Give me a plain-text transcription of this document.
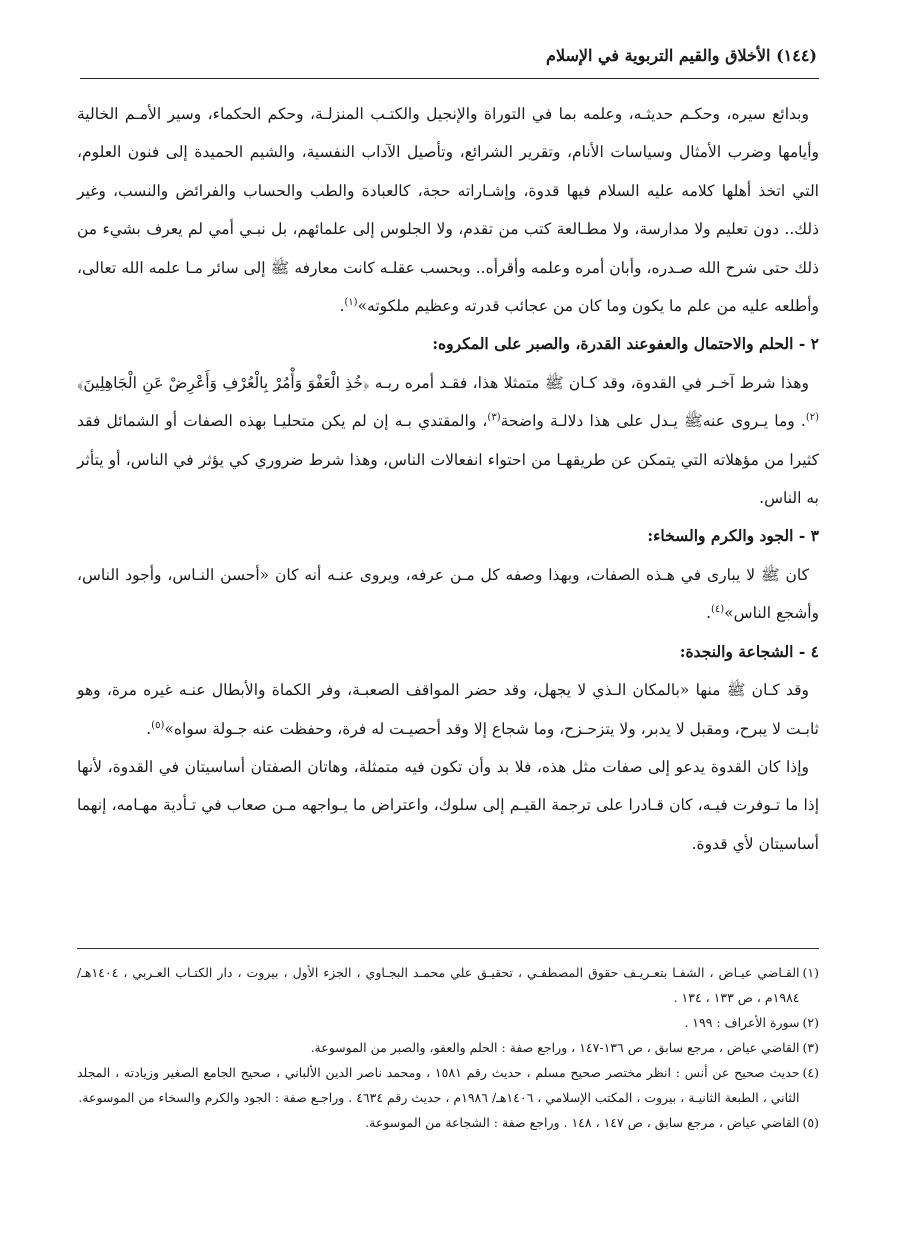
(١٤٤) الأخلاق والقيم التربوية في الإسلام

وبدائع سيره، وحكـم حديثـه، وعلمه بما في التوراة والإنجيل والكتـب المنزلـة، وحكم الحكماء، وسير الأمـم الخالية وأيامها وضرب الأمثال وسياسات الأنام، وتقرير الشرائع، وتأصيل الآداب النفسية، والشيم الحميدة إلى فنون العلوم، التي اتخذ أهلها كلامه عليه السلام فيها قدوة، وإشـاراته حجة، كالعبادة والطب والحساب والفرائض والنسب، وغير ذلك.. دون تعليم ولا مدارسة، ولا مطـالعة كتب من تقدم، ولا الجلوس إلى علمائهم، بل نبـي أمي لم يعرف بشيء من ذلك حتى شرح الله صـدره، وأبان أمره وعلمه وأقرأه.. وبحسب عقلـه كانت معارفه ﷺ إلى سائر مـا علمه الله تعالى، وأطلعه عليه من علم ما يكون وما كان من عجائب قدرته وعظيم ملكوته»$^{(١)}$.

٢ - الحلم والاحتمال والعفوعند القدرة، والصبر على المكروه:

وهذا شرط آخـر في القدوة، وقد كـان ﷺ متمثلا هذا، فقـد أمره ربـه ﴿خُذِ الْعَفْوَ وَأْمُرْ بِالْعُرْفِ وَأَعْرِضْ عَنِ الْجَاهِلِينَ﴾$^{(٢)}$. وما يـروى عنهﷺ يـدل على هذا دلالـة واضحة$^{(٣)}$، والمقتدي بـه إن لم يكن متحليـا بهذه الصفات أو الشمائل فقد كثيرا من مؤهلاته التي يتمكن عن طريقهـا من احتواء انفعالات الناس، وهذا شرط ضروري كي يؤثر في الناس، أو يتأثر به الناس.

٣ - الجود والكرم والسخاء:

كان ﷺ لا يبارى في هـذه الصفات، وبهذا وصفه كل مـن عرفه، ويروى عنـه أنه كان «أحسن النـاس، وأجود الناس، وأشجع الناس»$^{(٤)}$.

٤ - الشجاعة والنجدة:

وقد كـان ﷺ منها «بالمكان الـذي لا يجهل، وقد حضر المواقف الصعبـة، وفر الكماة والأبطال عنـه غيره مرة، وهو ثابـت لا يبرح، ومقبل لا يدبر، ولا يتزحـزح، وما شجاع إلا وقد أحصيـت له فرة، وحفظت عنه جـولة سواه»$^{(٥)}$.

وإذا كان القدوة يدعو إلى صفات مثل هذه، فلا بد وأن تكون فيه متمثلة، وهاتان الصفتان أساسيتان في القدوة، لأنها إذا ما تـوفرت فيـه، كان قـادرا على ترجمة القيـم إلى سلوك، واعتراض ما يـواجهه مـن صعاب في تـأدية مهـامه، إنهما أساسيتان لأي قدوة.

(١)
القـاضي عيـاض ، الشفـا بتعـريـف حقوق المصطفـي ، تحقيـق علي محمـد البجـاوي ، الجزء الأول ، بيروت ، دار الكتـاب العـربي ، ١٤٠٤هـ/ ١٩٨٤م ، ص ١٣٣ ، ١٣٤ .
(٢)
سورة الأعراف : ١٩٩ .
(٣)
القاضي عياض ، مرجع سابق ، ص ١٣٦-١٤٧ ، وراجع صفة : الحلم والعفو، والصبر من الموسوعة.
(٤)
حديث صحيح عن أنس : انظر مختصر صحيح مسلم ، حديث رقم ١٥٨١ ، ومحمد ناصر الدين الألباني ، صحيح الجامع الصغير وزيادته ، المجلد الثاني ، الطبعة الثانيـة ، بيروت ، المكتب الإسلامي ، ١٤٠٦هـ/ ١٩٨٦م ، حديث رقم ٤٦٣٤ . وراجـع صفة : الجود والكرم والسخاء من الموسوعة.
(٥)
القاضي عياض ، مرجع سابق ، ص ١٤٧ ، ١٤٨ . وراجع صفة : الشجاعة من الموسوعة.
